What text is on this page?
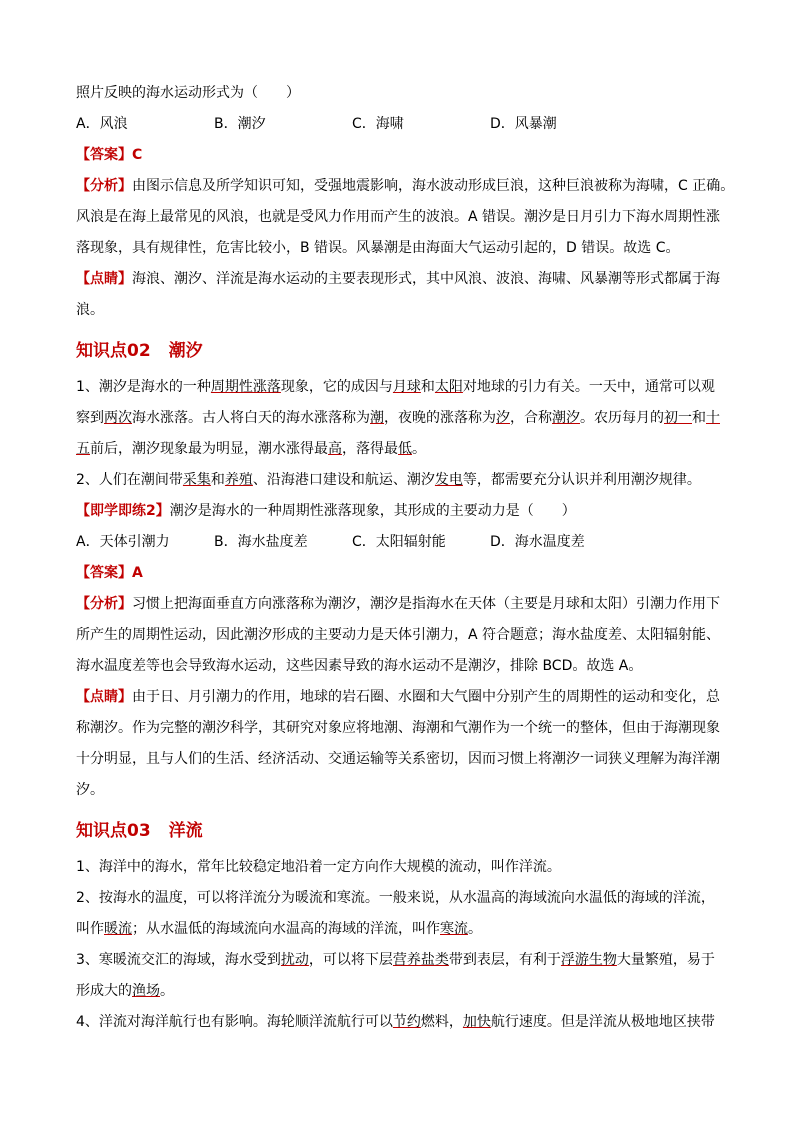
照片反映的海水运动形式为（　　）
A．风浪	B．潮汐	C．海啸	D．风暴潮
【答案】C
【分析】由图示信息及所学知识可知，受强地震影响，海水波动形成巨浪，这种巨浪被称为海啸，C 正确。
风浪是在海上最常见的风浪，也就是受风力作用而产生的波浪。A 错误。潮汐是日月引力下海水周期性涨
落现象，具有规律性，危害比较小，B 错误。风暴潮是由海面大气运动引起的，D 错误。故选 C。
【点睛】海浪、潮汐、洋流是海水运动的主要表现形式，其中风浪、波浪、海啸、风暴潮等形式都属于海
浪。
知识点02 潮汐
1、潮汐是海水的一种周期性涨落现象，它的成因与月球和太阳对地球的引力有关。一天中，通常可以观
察到两次海水涨落。古人将白天的海水涨落称为潮，夜晚的涨落称为汐，合称潮汐。农历每月的初一和十
五前后，潮汐现象最为明显，潮水涨得最高，落得最低。
2、人们在潮间带采集和养殖、沿海港口建设和航运、潮汐发电等，都需要充分认识并利用潮汐规律。
【即学即练2】潮汐是海水的一种周期性涨落现象，其形成的主要动力是（　　）
A．天体引潮力	B．海水盐度差	C．太阳辐射能	D．海水温度差
【答案】A
【分析】习惯上把海面垂直方向涨落称为潮汐，潮汐是指海水在天体（主要是月球和太阳）引潮力作用下
所产生的周期性运动，因此潮汐形成的主要动力是天体引潮力，A 符合题意；海水盐度差、太阳辐射能、
海水温度差等也会导致海水运动，这些因素导致的海水运动不是潮汐，排除 BCD。故选 A。
【点睛】由于日、月引潮力的作用，地球的岩石圈、水圈和大气圈中分别产生的周期性的运动和变化，总
称潮汐。作为完整的潮汐科学，其研究对象应将地潮、海潮和气潮作为一个统一的整体，但由于海潮现象
十分明显，且与人们的生活、经济活动、交通运输等关系密切，因而习惯上将潮汐一词狭义理解为海洋潮
汐。
知识点03 洋流
1、海洋中的海水，常年比较稳定地沿着一定方向作大规模的流动，叫作洋流。
2、按海水的温度，可以将洋流分为暖流和寒流。一般来说，从水温高的海域流向水温低的海域的洋流，
叫作暖流；从水温低的海域流向水温高的海域的洋流，叫作寒流。
3、寒暖流交汇的海域，海水受到扰动，可以将下层营养盐类带到表层，有利于浮游生物大量繁殖，易于
形成大的渔场。
4、洋流对海洋航行也有影响。海轮顺洋流航行可以节约燃料，加快航行速度。但是洋流从极地地区挟带
